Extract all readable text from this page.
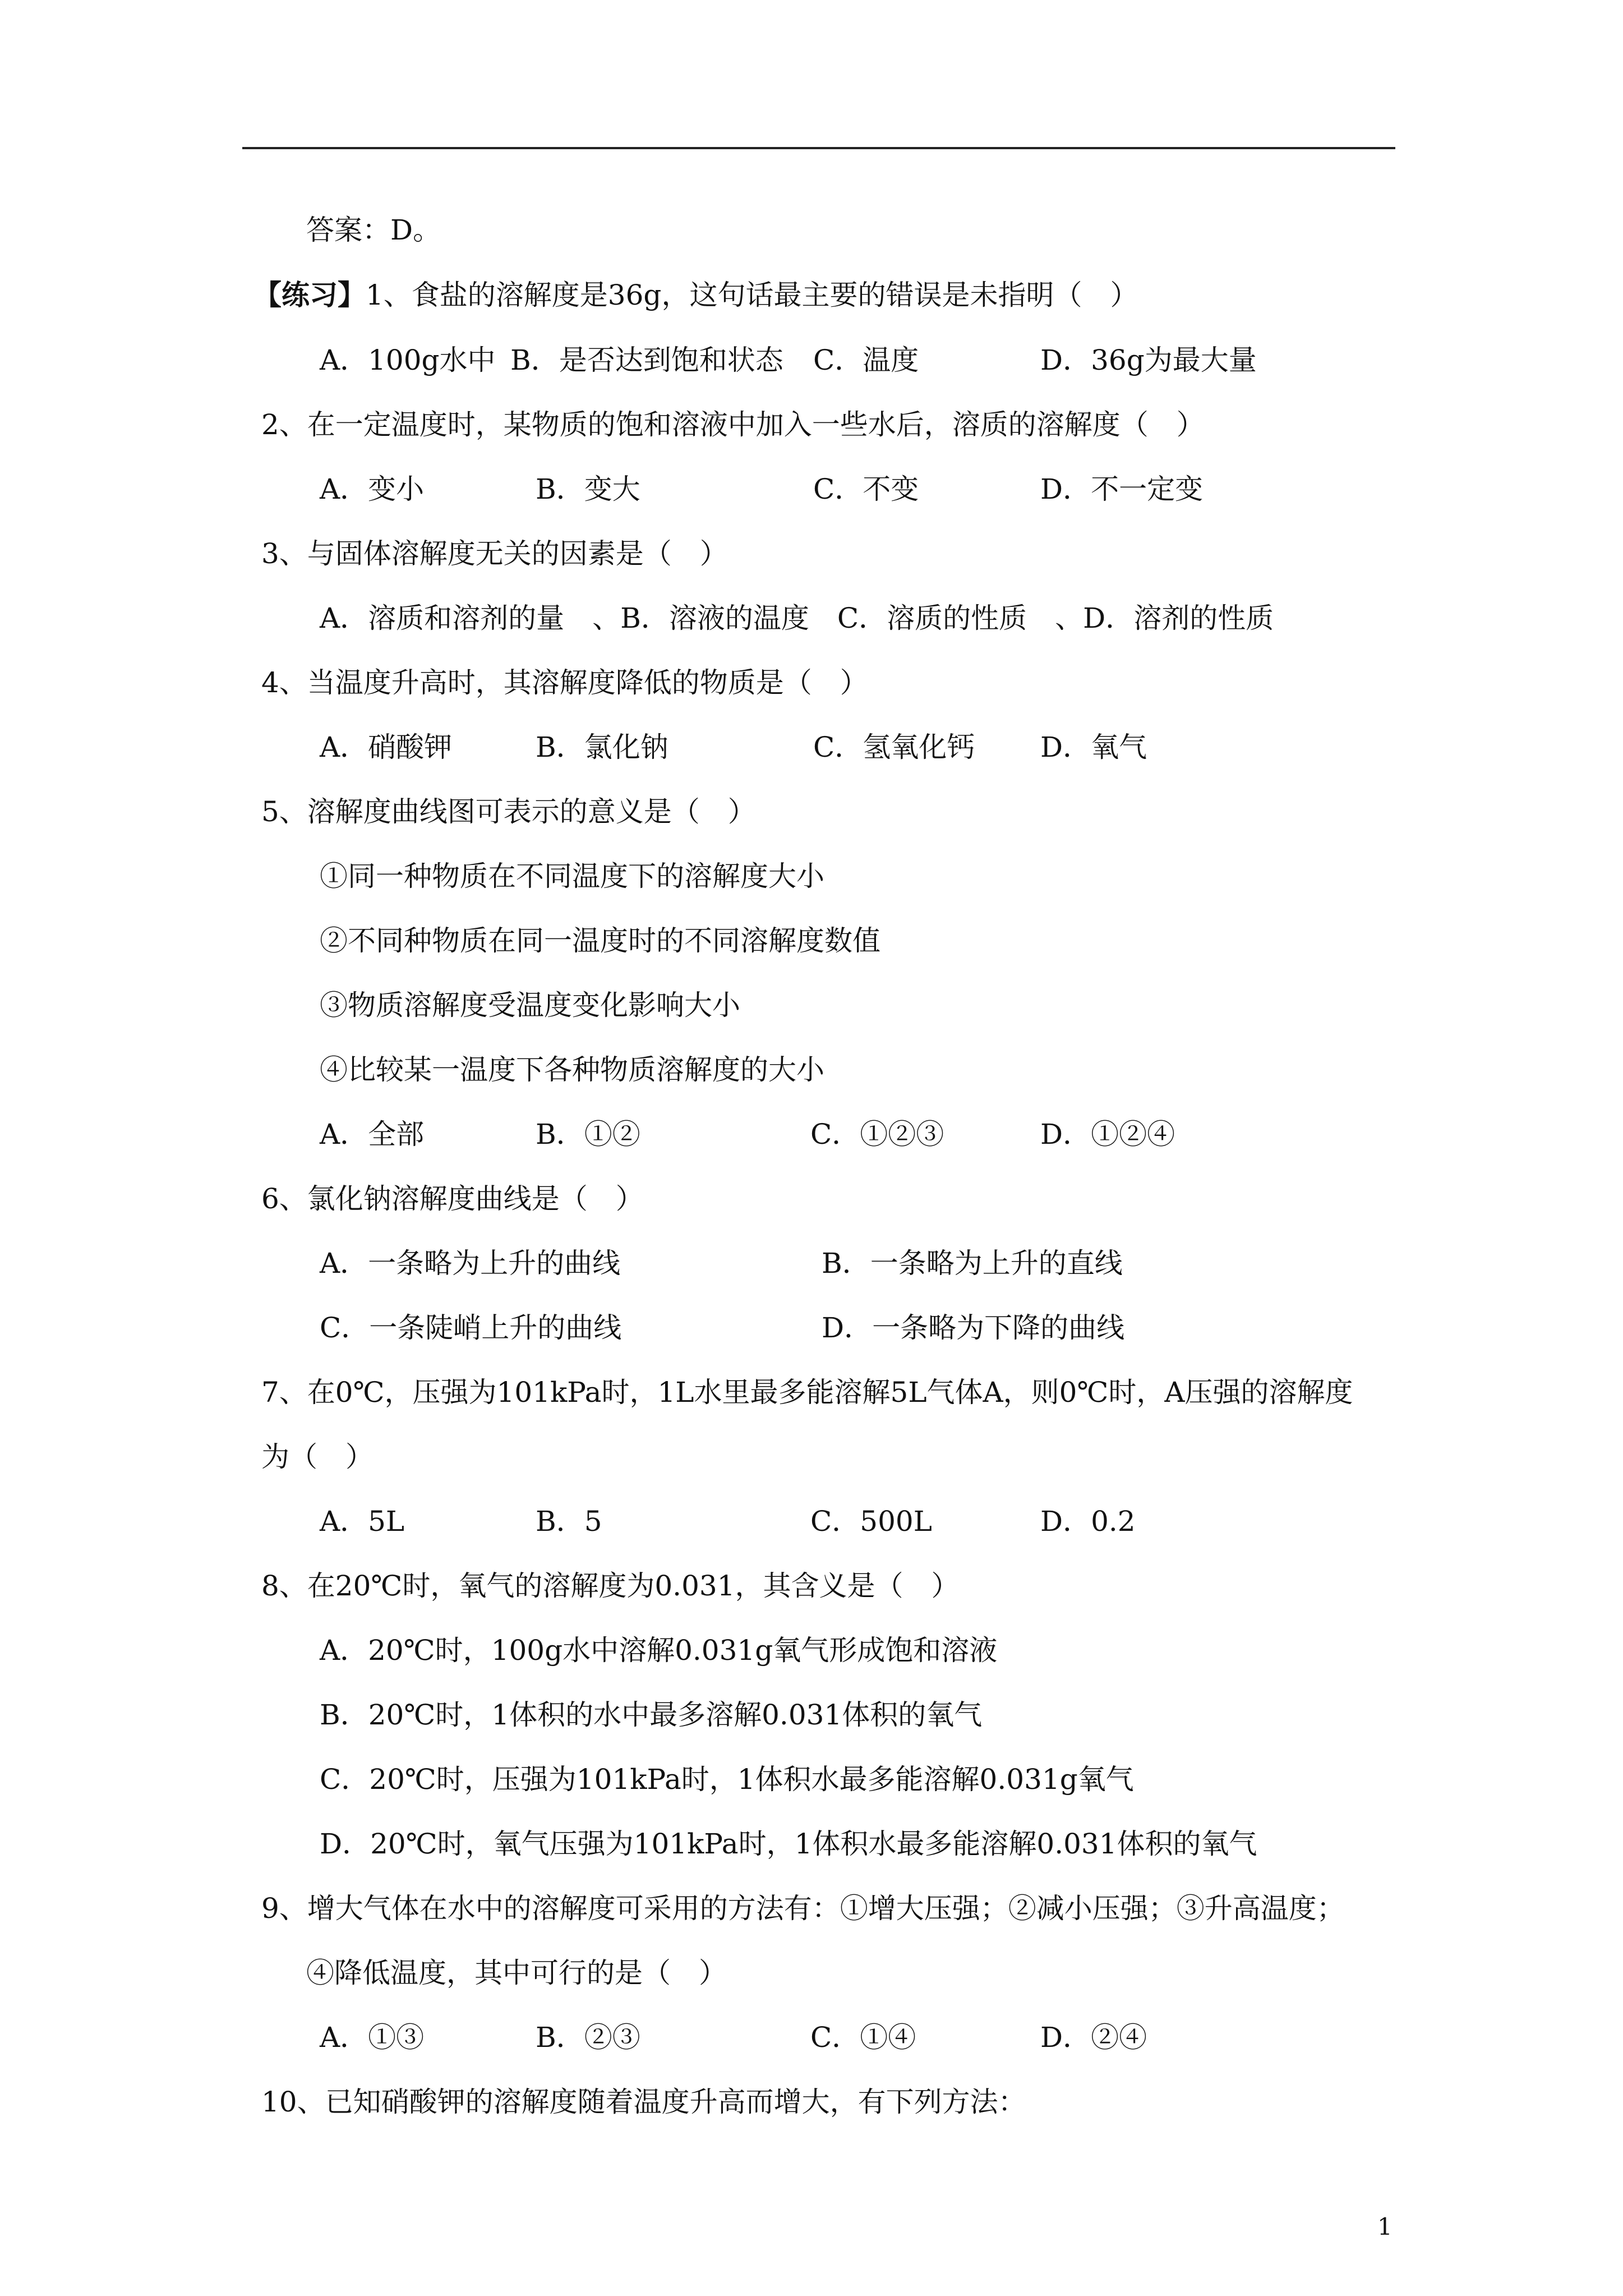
答案：D。
【练习】1、食盐的溶解度是36g，这句话最主要的错误是未指明（　）
A．100g水中 B．是否达到饱和状态 C．温度	D．36g为最大量
2、在一定温度时，某物质的饱和溶液中加入一些水后，溶质的溶解度（　）
A．变小	B．变大	C．不变	D．不一定变
3、与固体溶解度无关的因素是（　）
A．溶质和溶剂的量　、B．溶液的温度　C．溶质的性质　、D．溶剂的性质
4、当温度升高时，其溶解度降低的物质是（　）
A．硝酸钾	B．氯化钠	C．氢氧化钙 D．氧气
5、溶解度曲线图可表示的意义是（　）
①同一种物质在不同温度下的溶解度大小
②不同种物质在同一温度时的不同溶解度数值
③物质溶解度受温度变化影响大小
④比较某一温度下各种物质溶解度的大小
A．全部	B．①②	C．①②③	D．①②④
6、氯化钠溶解度曲线是（　）
A．一条略为上升的曲线	B．一条略为上升的直线
C．一条陡峭上升的曲线	D．一条略为下降的曲线
7、在0℃，压强为101kPa时，1L水里最多能溶解5L气体A，则0℃时，A压强的溶解度
为（　）
A．5L	B．5	C．500L	D．0.2
8、在20℃时，氧气的溶解度为0.031，其含义是（　）
A．20℃时，100g水中溶解0.031g氧气形成饱和溶液
B．20℃时，1体积的水中最多溶解0.031体积的氧气
C．20℃时，压强为101kPa时，1体积水最多能溶解0.031g氧气
D．20℃时，氧气压强为101kPa时，1体积水最多能溶解0.031体积的氧气
9、增大气体在水中的溶解度可采用的方法有：①增大压强；②减小压强；③升高温度；
④降低温度，其中可行的是（　）
A．①③	B．②③	C．①④	D．②④
10、已知硝酸钾的溶解度随着温度升高而增大，有下列方法：
1
